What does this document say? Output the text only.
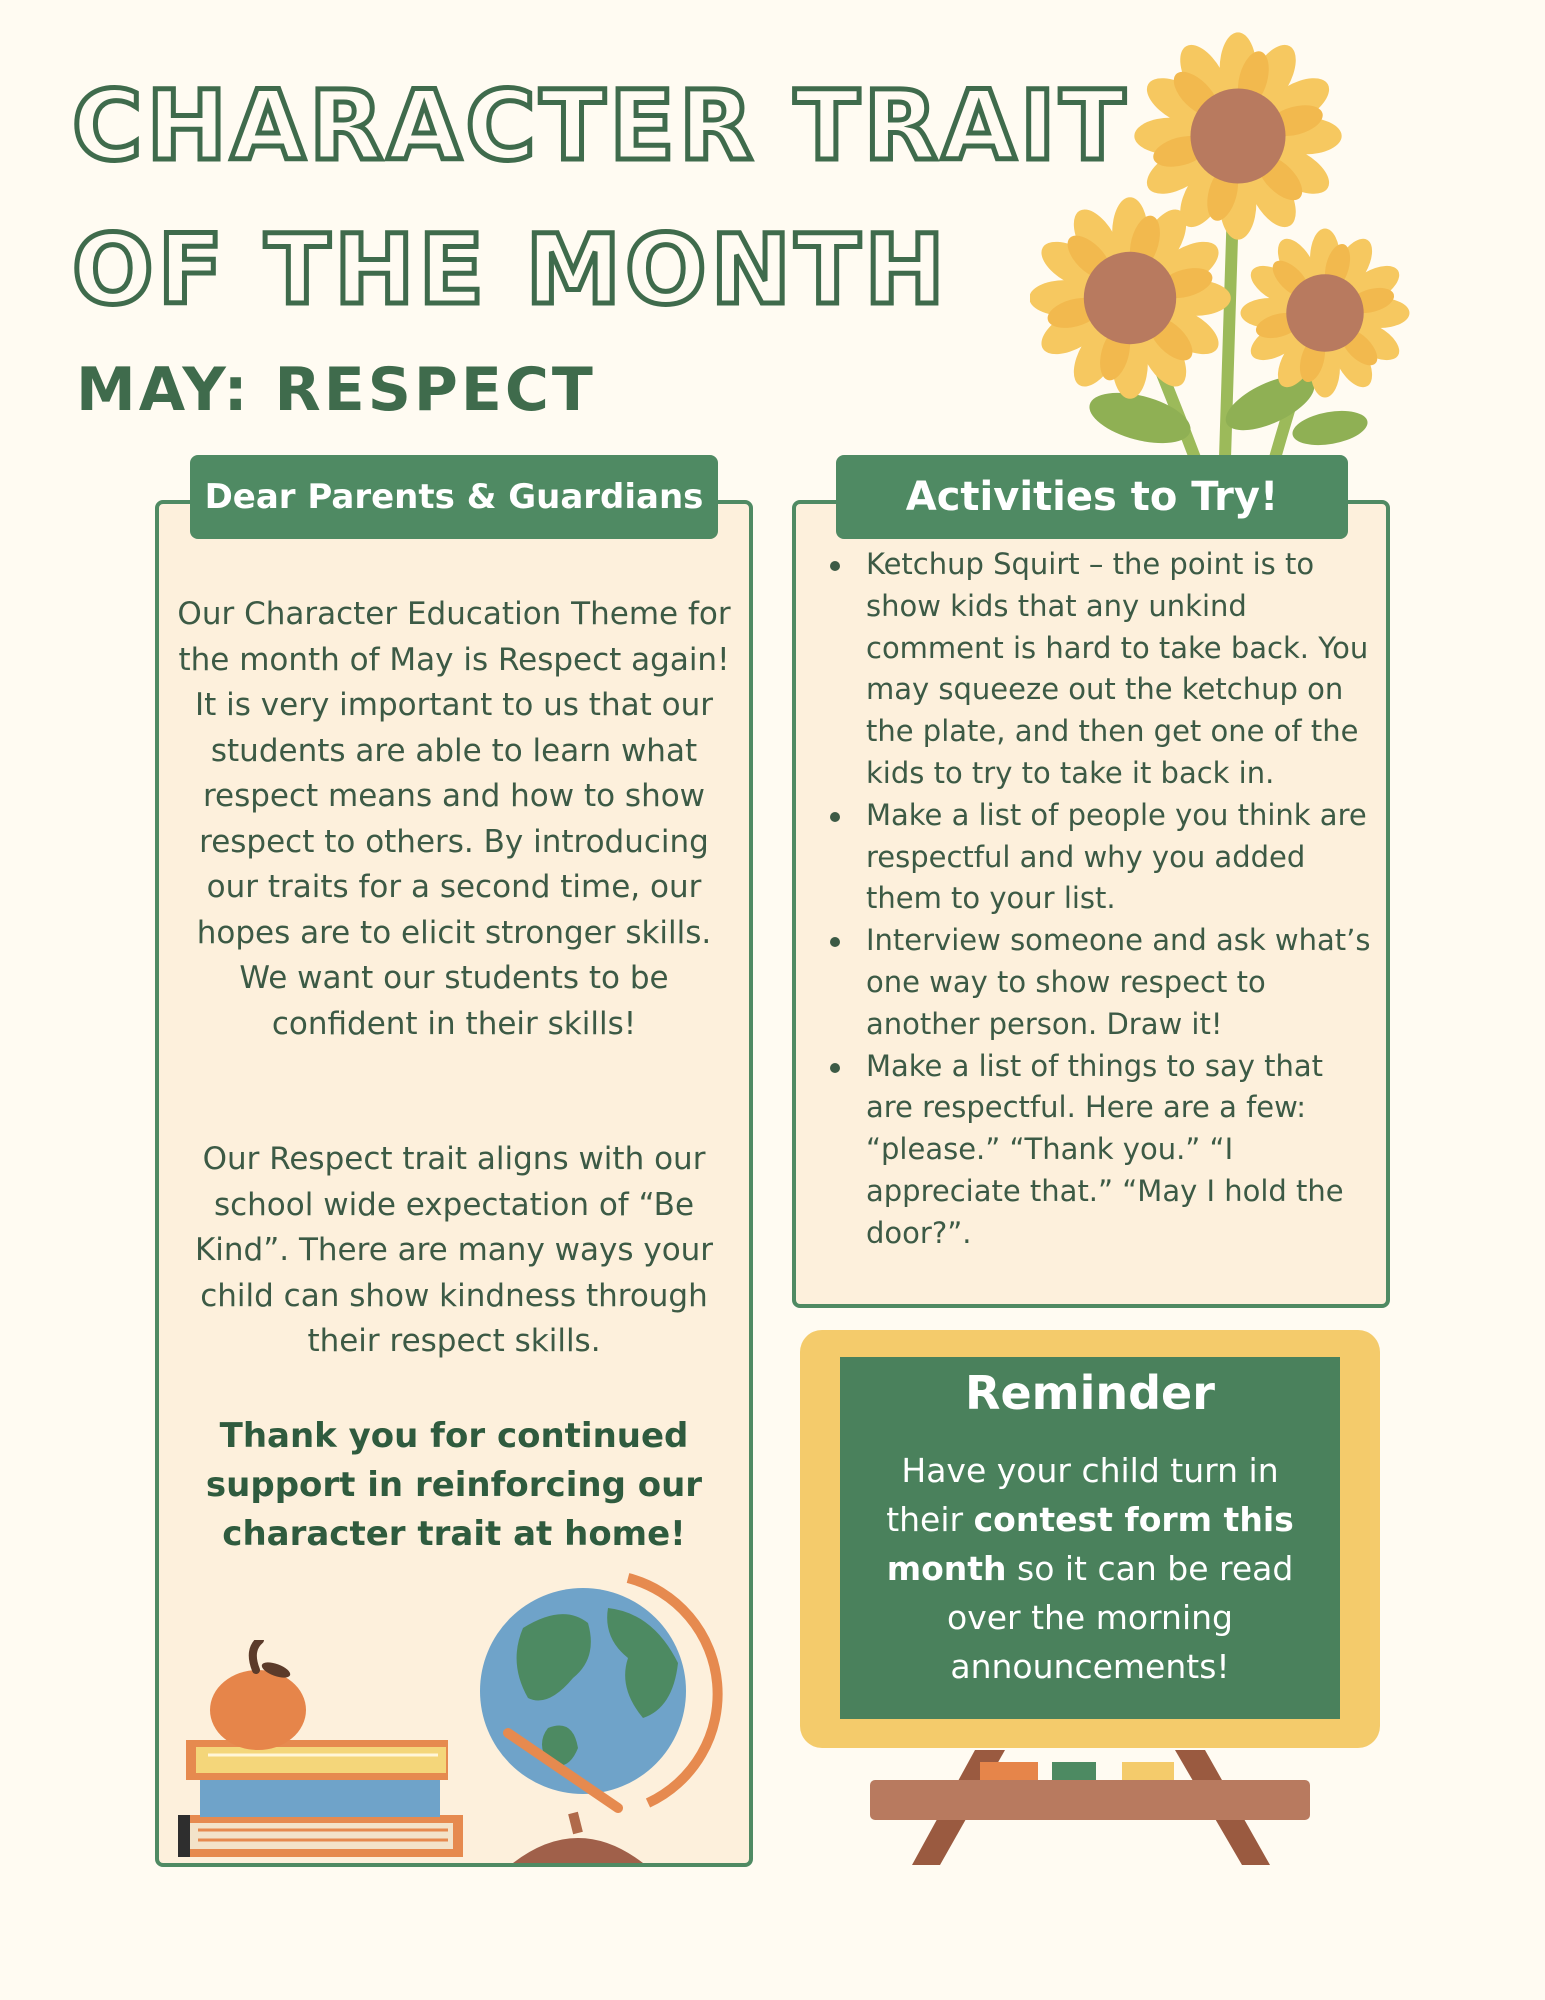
CHARACTER TRAIT
OF THE MONTH
MAY: RESPECT
Dear Parents & Guardians

Our Character Education Theme for the month of May is Respect again! It is very important to us that our students are able to learn what respect means and how to show respect to others. By introducing our traits for a second time, our hopes are to elicit stronger skills. We want our students to be confident in their skills!

Our Respect trait aligns with our school wide expectation of “Be Kind”. There are many ways your child can show kindness through their respect skills.

Thank you for continued support in reinforcing our character trait at home!

Activities to Try!
Ketchup Squirt – the point is to show kids that any unkind comment is hard to take back. You may squeeze out the ketchup on the plate, and then get one of the kids to try to take it back in.
Make a list of people you think are respectful and why you added them to your list.
Interview someone and ask what’s one way to show respect to another person. Draw it!
Make a list of things to say that are respectful. Here are a few: “please.” “Thank you.” “I appreciate that.” “May I hold the door?”.
Reminder

Have your child turn in their contest form this month so it can be read over the morning announcements!
